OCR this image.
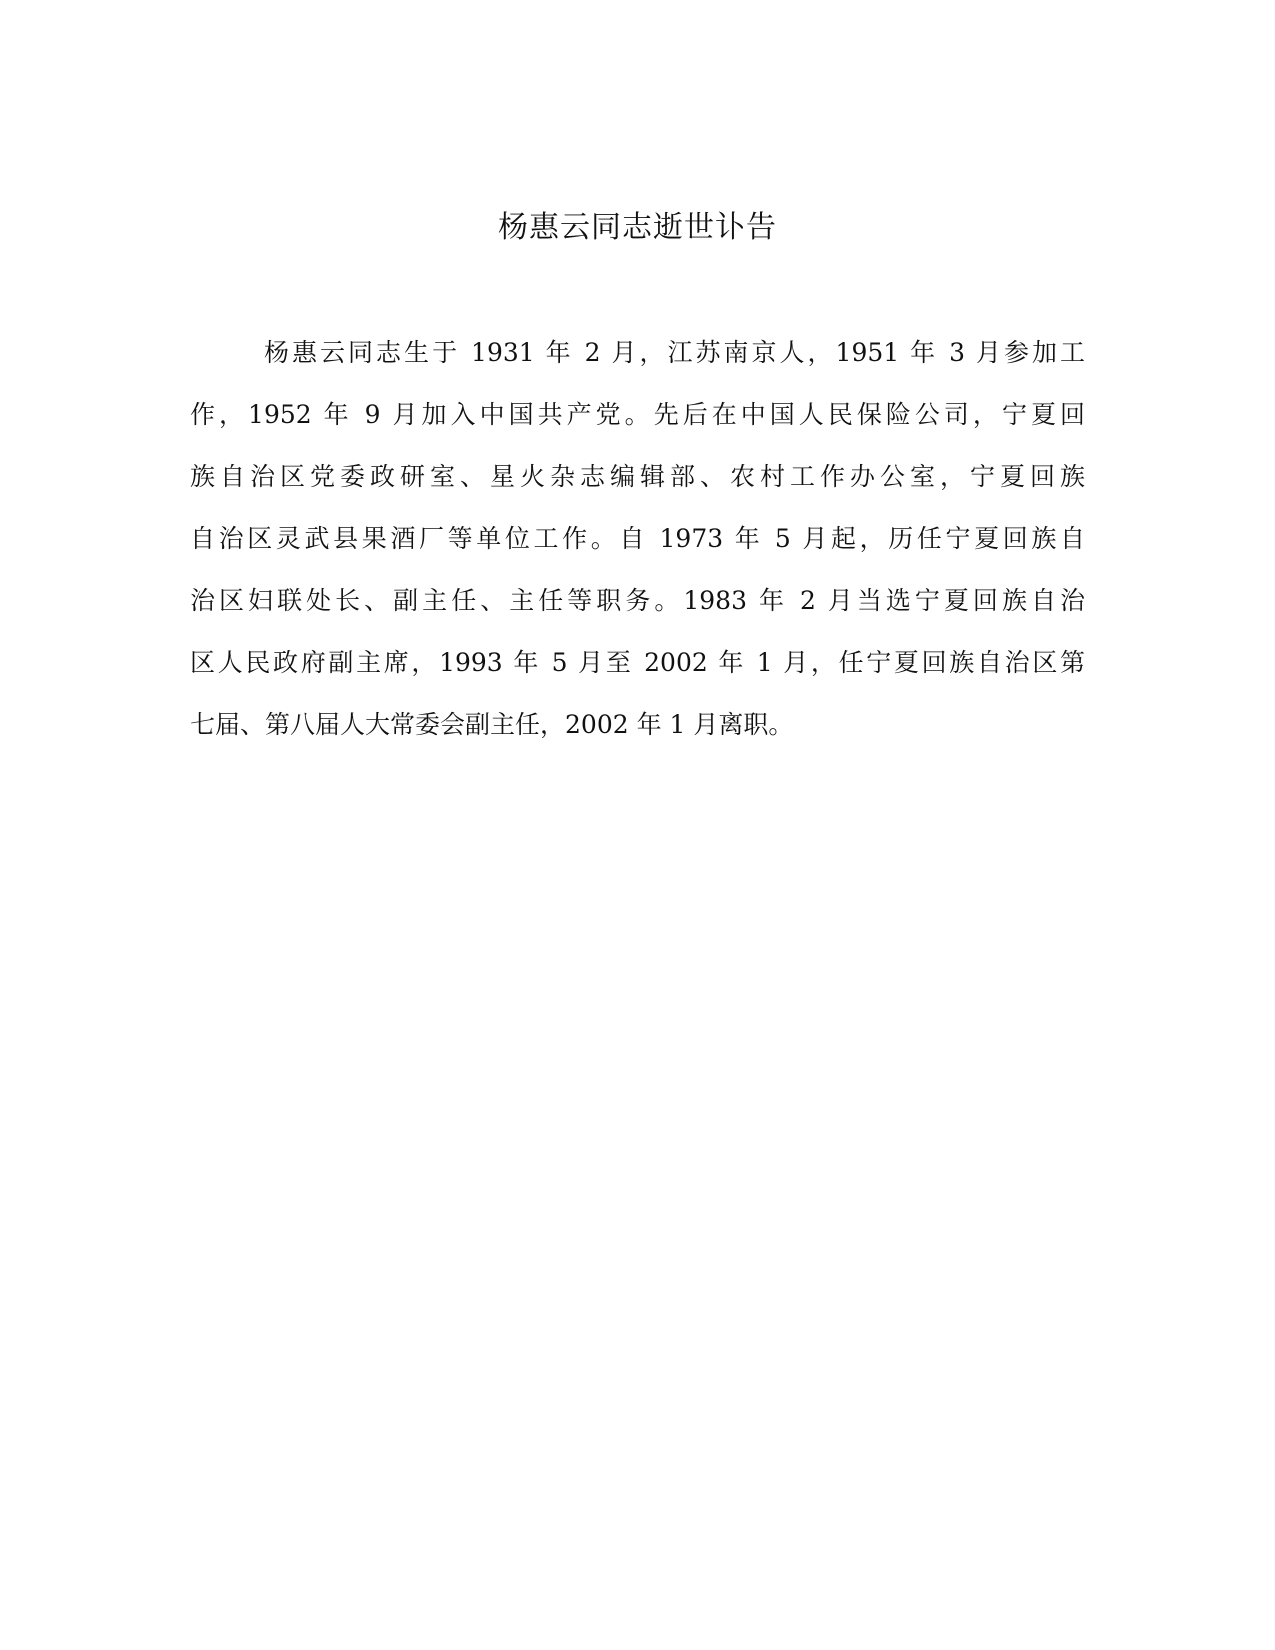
杨惠云同志逝世讣告
杨惠云同志生于 1931 年 2 月，江苏南京人，1951 年 3 月参加工
作，1952 年 9 月加入中国共产党。先后在中国人民保险公司，宁夏回
族自治区党委政研室、星火杂志编辑部、农村工作办公室，宁夏回族
自治区灵武县果酒厂等单位工作。自 1973 年 5 月起，历任宁夏回族自
治区妇联处长、副主任、主任等职务。1983 年 2 月当选宁夏回族自治
区人民政府副主席，1993 年 5 月至 2002 年 1 月，任宁夏回族自治区第
七届、第八届人大常委会副主任，2002 年 1 月离职。
